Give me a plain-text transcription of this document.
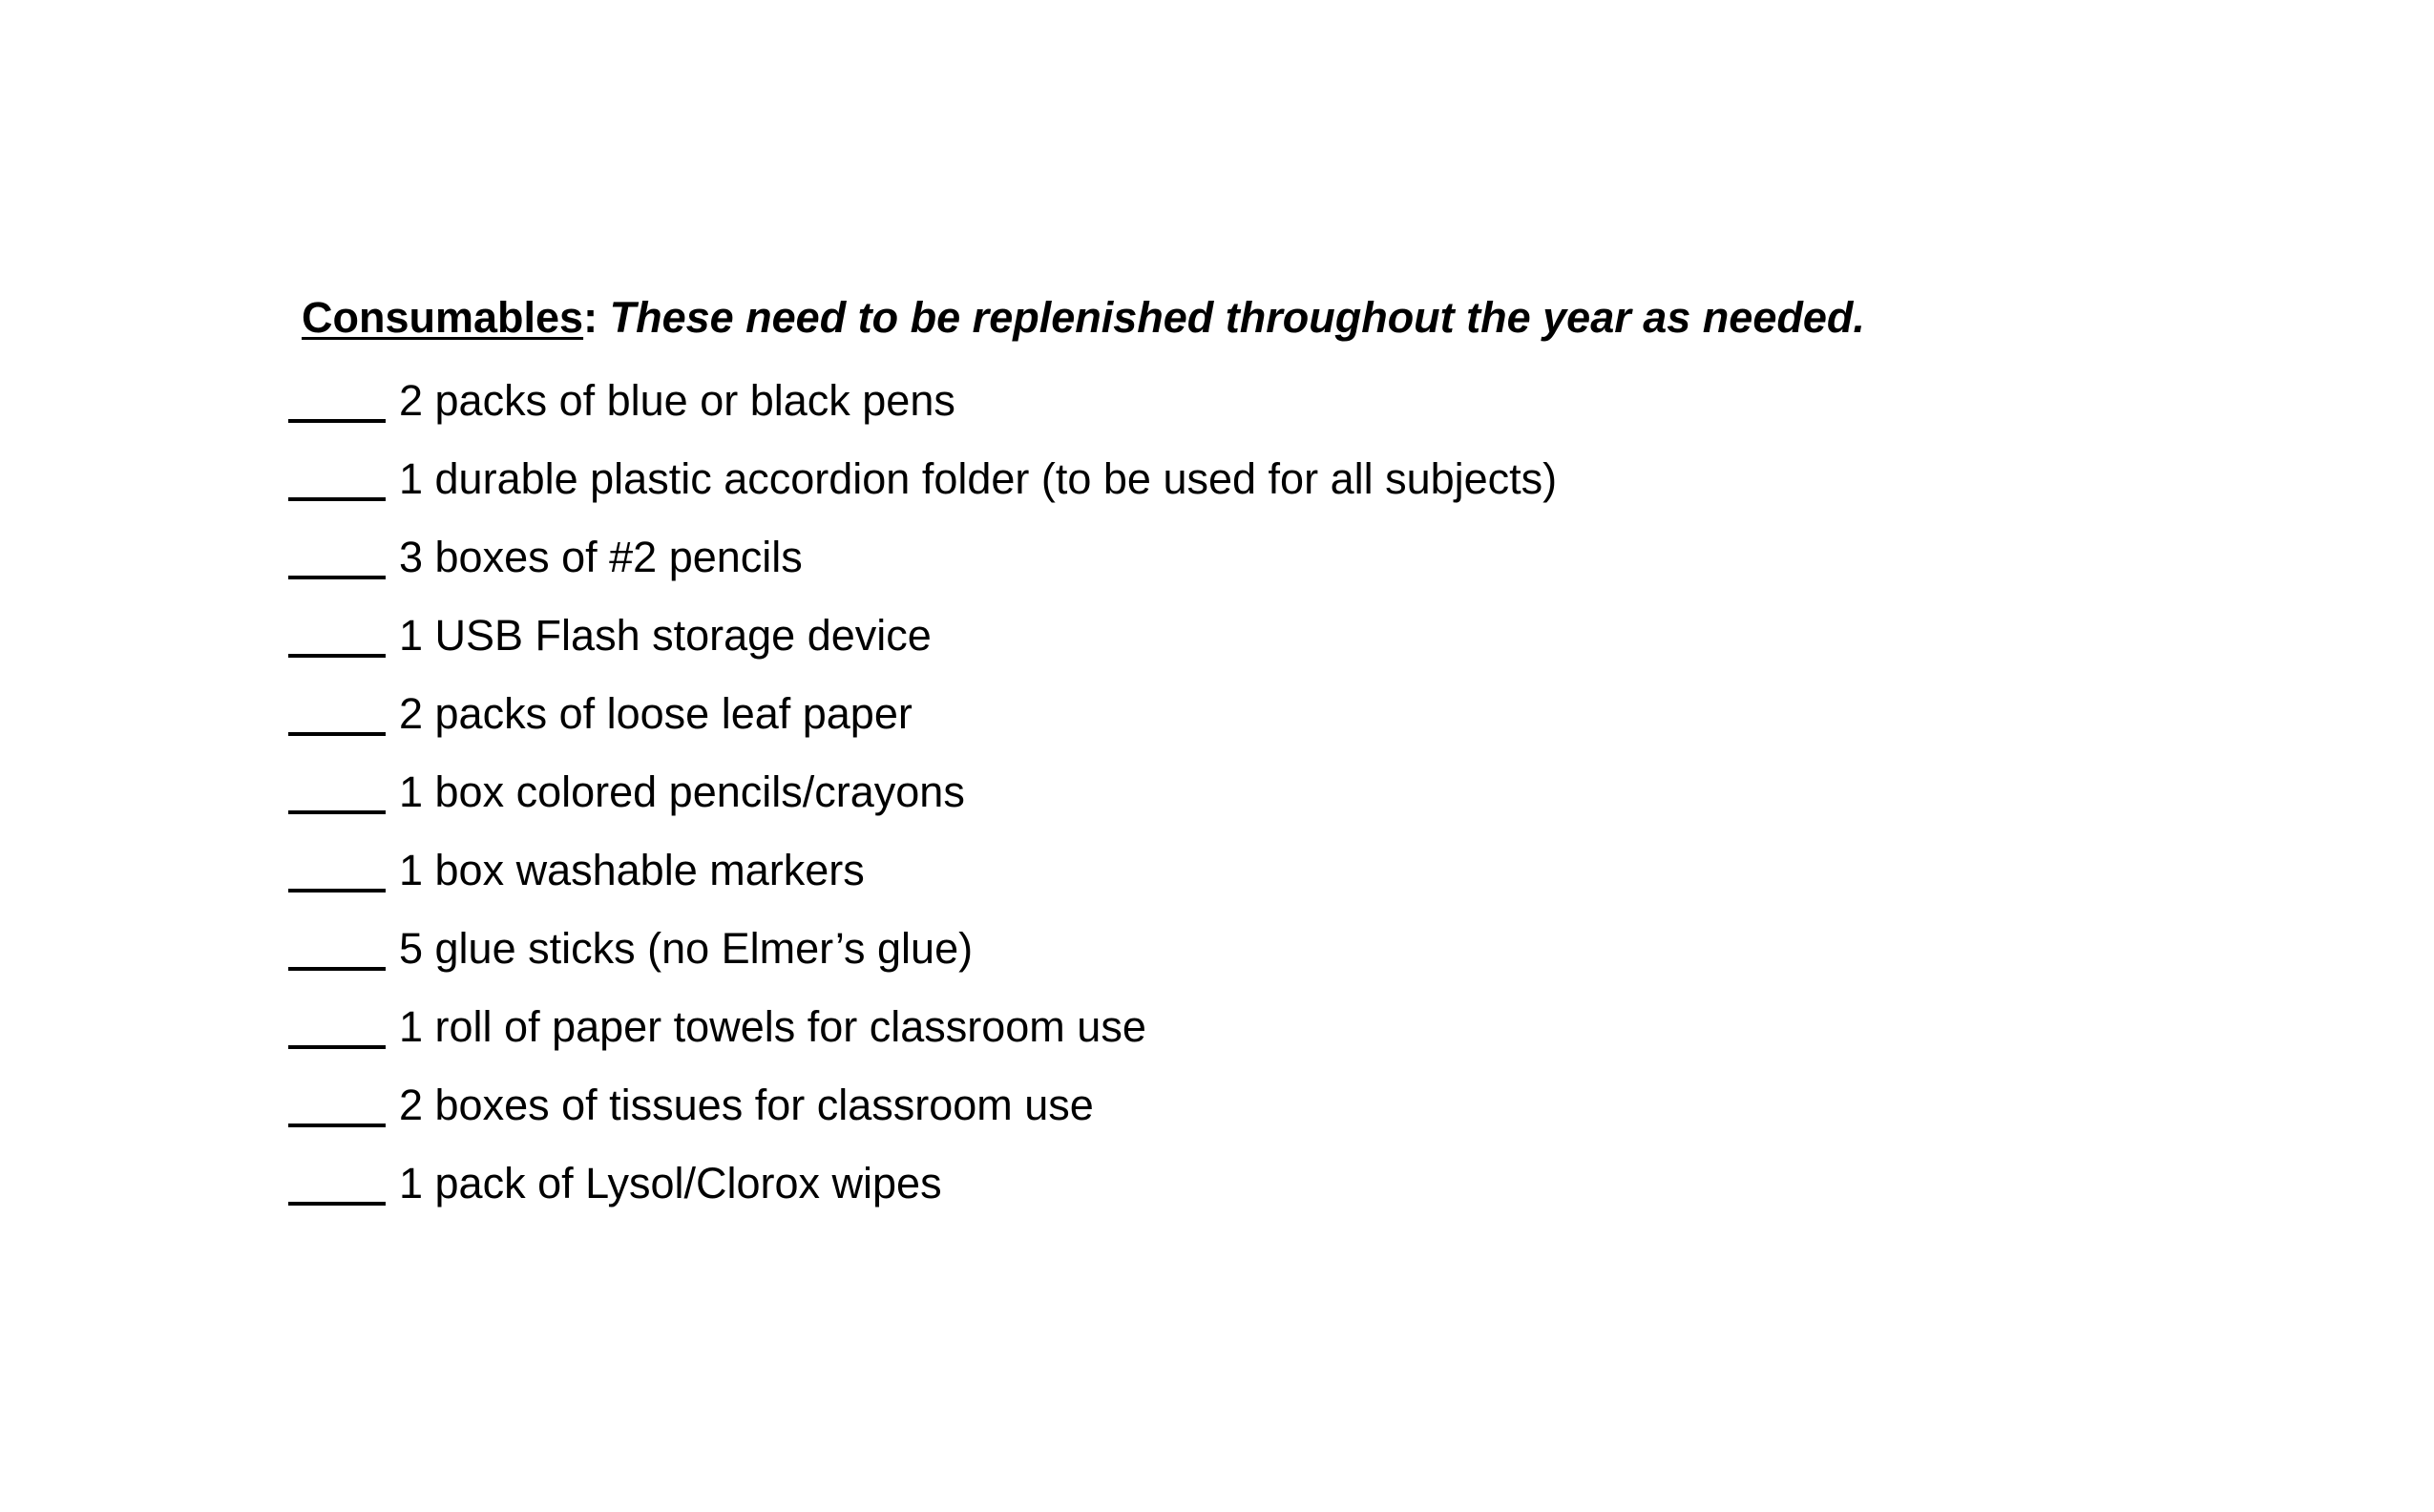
Consumables: These need to be replenished throughout the year as needed.
2 packs of blue or black pens
1 durable plastic accordion folder (to be used for all subjects)
3 boxes of #2 pencils
1 USB Flash storage device
2 packs of loose leaf paper
1 box colored pencils/crayons
1 box washable markers
5 glue sticks (no Elmer’s glue)
1 roll of paper towels for classroom use
2 boxes of tissues for classroom use
1 pack of Lysol/Clorox wipes
